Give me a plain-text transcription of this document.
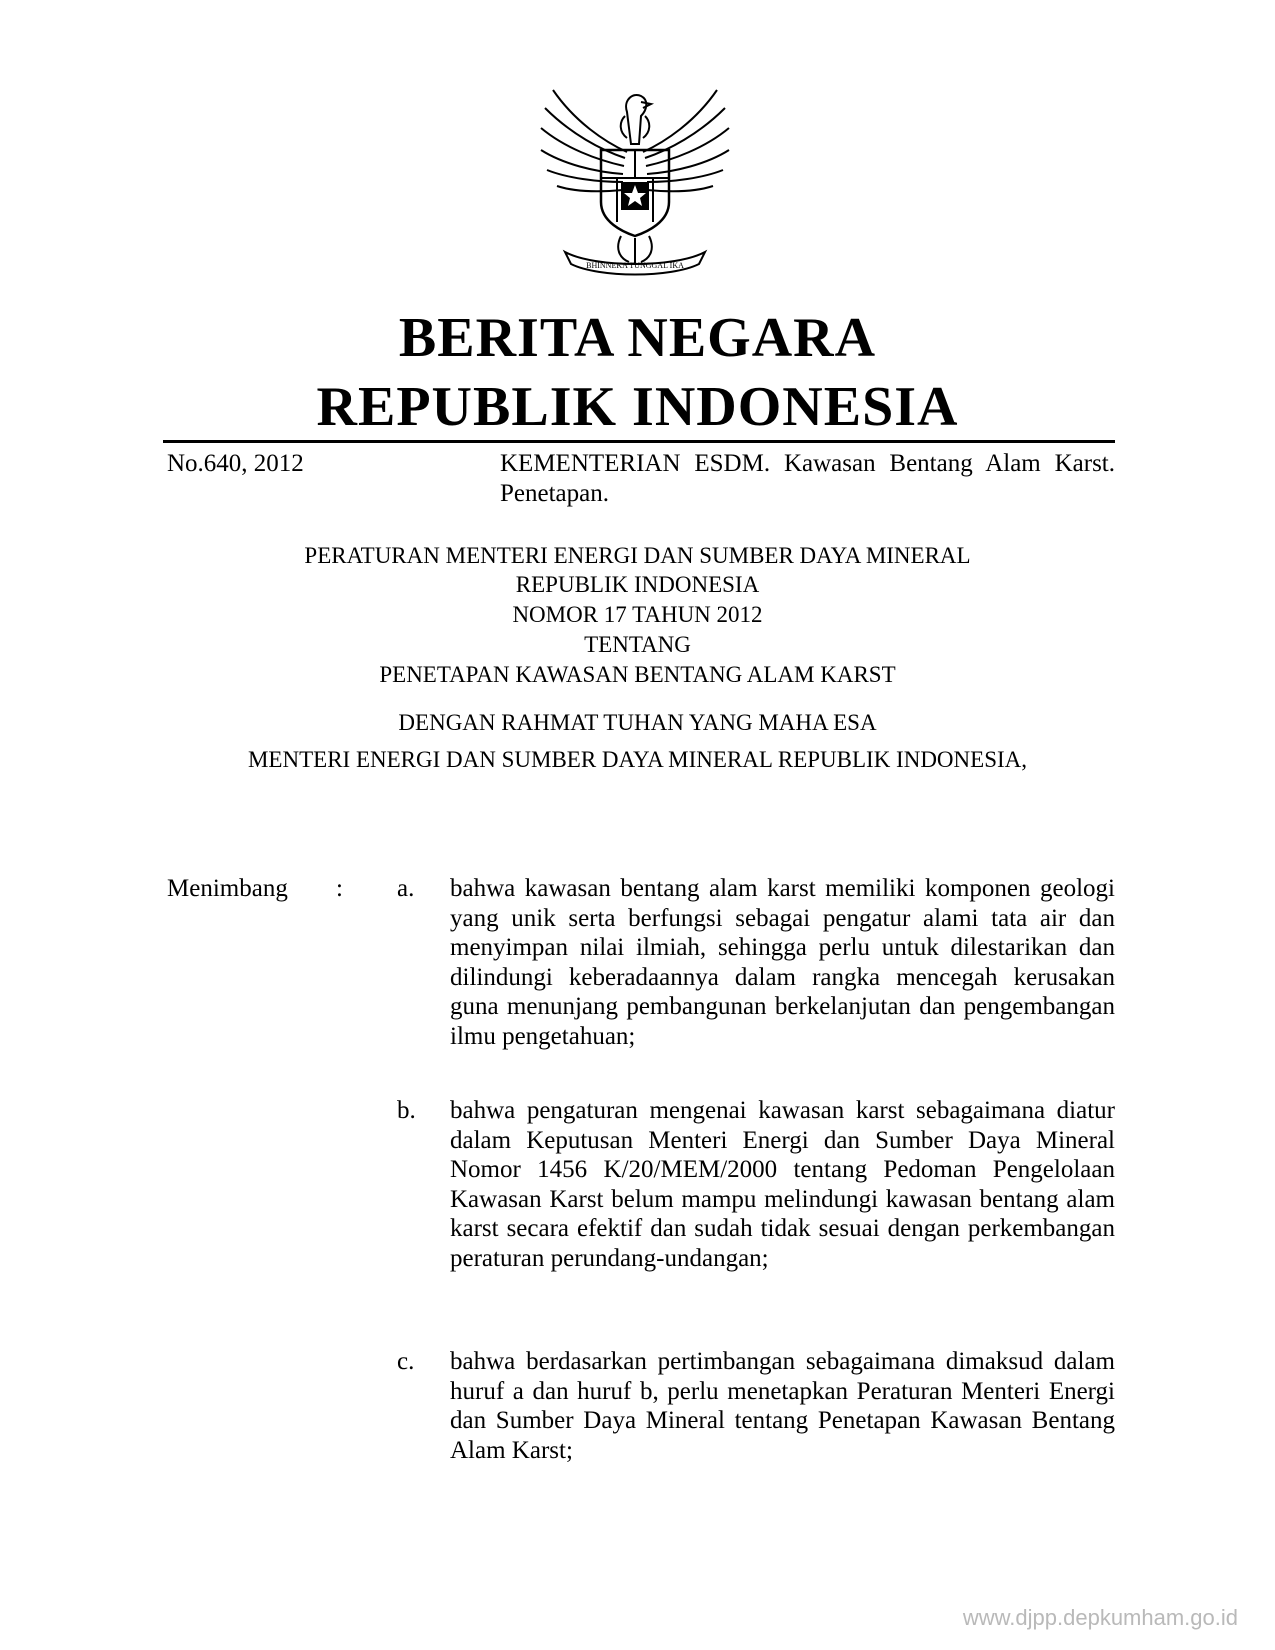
BHINNEKA TUNGGAL IKA
BERITA NEGARA
REPUBLIK INDONESIA
No.640, 2012	KEMENTERIAN ESDM. Kawasan Bentang Alam Karst. Penetapan.
PERATURAN MENTERI ENERGI DAN SUMBER DAYA MINERAL
REPUBLIK INDONESIA
NOMOR 17 TAHUN 2012
TENTANG
PENETAPAN KAWASAN BENTANG ALAM KARST
DENGAN RAHMAT TUHAN YANG MAHA ESA
MENTERI ENERGI DAN SUMBER DAYA MINERAL REPUBLIK INDONESIA,
Menimbang : a. bahwa kawasan bentang alam karst memiliki komponen geologi yang unik serta berfungsi sebagai pengatur alami tata air dan menyimpan nilai ilmiah, sehingga perlu untuk dilestarikan dan dilindungi keberadaannya dalam rangka mencegah kerusakan guna menunjang pembangunan berkelanjutan dan pengembangan ilmu pengetahuan;
b. bahwa pengaturan mengenai kawasan karst sebagaimana diatur dalam Keputusan Menteri Energi dan Sumber Daya Mineral Nomor 1456 K/20/MEM/2000 tentang Pedoman Pengelolaan Kawasan Karst belum mampu melindungi kawasan bentang alam karst secara efektif dan sudah tidak sesuai dengan perkembangan peraturan perundang-undangan;
c. bahwa berdasarkan pertimbangan sebagaimana dimaksud dalam huruf a dan huruf b, perlu menetapkan Peraturan Menteri Energi dan Sumber Daya Mineral tentang Penetapan Kawasan Bentang Alam Karst;
www.djpp.depkumham.go.id
